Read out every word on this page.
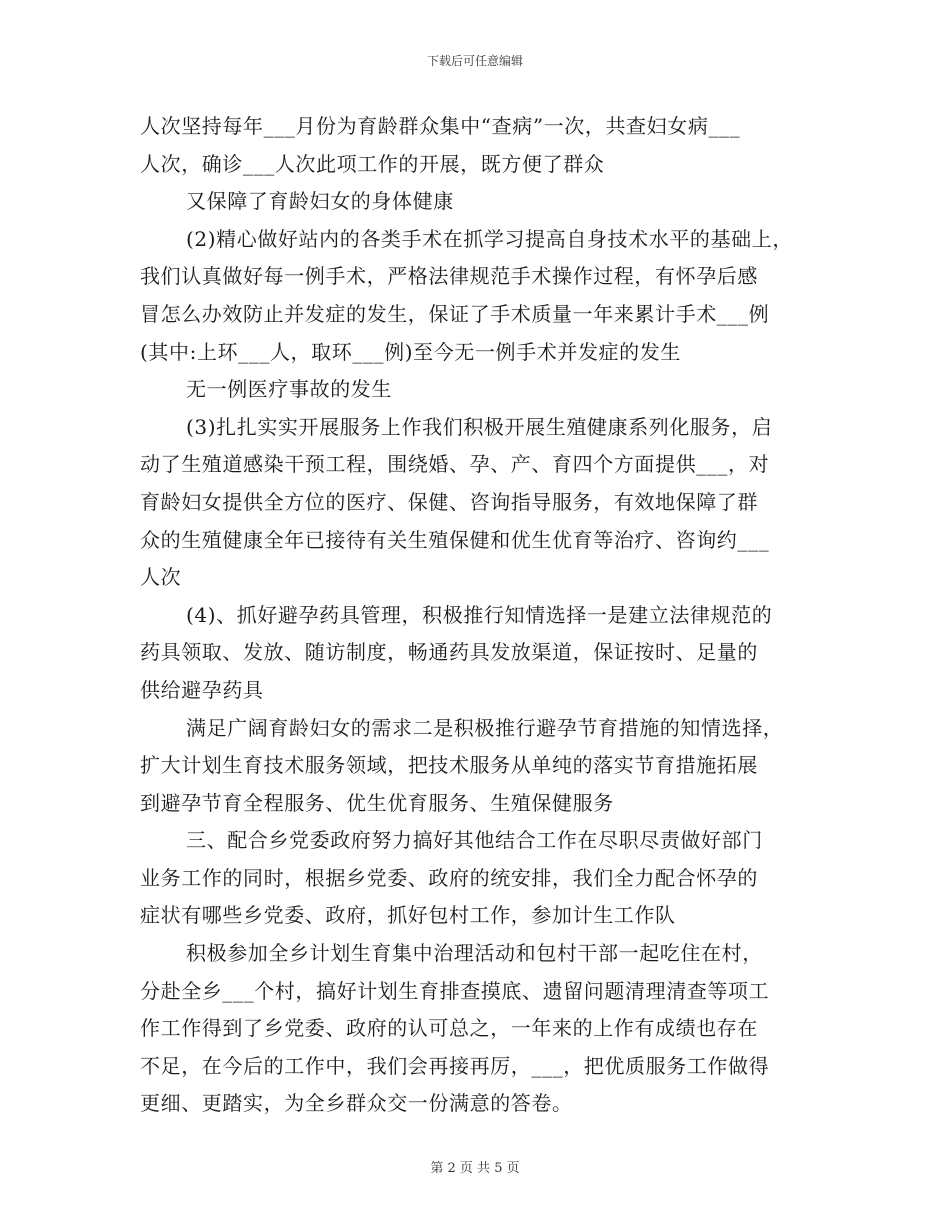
下载后可任意编辑
人次坚持每年___月份为育龄群众集中“查病”一次，共查妇女病___
人次，确诊___人次此项工作的开展，既方便了群众
又保障了育龄妇女的身体健康
(2)精心做好站内的各类手术在抓学习提高自身技术水平的基础上，
我们认真做好每一例手术，严格法律规范手术操作过程，有怀孕后感
冒怎么办效防止并发症的发生，保证了手术质量一年来累计手术___例
(其中:上环___人，取环___例)至今无一例手术并发症的发生
无一例医疗事故的发生
(3)扎扎实实开展服务上作我们积极开展生殖健康系列化服务，启
动了生殖道感染干预工程，围绕婚、孕、产、育四个方面提供___，对
育龄妇女提供全方位的医疗、保健、咨询指导服务，有效地保障了群
众的生殖健康全年已接待有关生殖保健和优生优育等治疗、咨询约___
人次
(4)、抓好避孕药具管理，积极推行知情选择一是建立法律规范的
药具领取、发放、随访制度，畅通药具发放渠道，保证按时、足量的
供给避孕药具
满足广阔育龄妇女的需求二是积极推行避孕节育措施的知情选择，
扩大计划生育技术服务领域，把技术服务从单纯的落实节育措施拓展
到避孕节育全程服务、优生优育服务、生殖保健服务
三、配合乡党委政府努力搞好其他结合工作在尽职尽责做好部门
业务工作的同时，根据乡党委、政府的统安排，我们全力配合怀孕的
症状有哪些乡党委、政府，抓好包村工作，参加计生工作队
积极参加全乡计划生育集中治理活动和包村干部一起吃住在村，
分赴全乡___个村，搞好计划生育排查摸底、遗留问题清理清查等项工
作工作得到了乡党委、政府的认可总之，一年来的上作有成绩也存在
不足，在今后的工作中，我们会再接再厉，___，把优质服务工作做得
更细、更踏实，为全乡群众交一份满意的答卷。
第 2 页 共 5 页
